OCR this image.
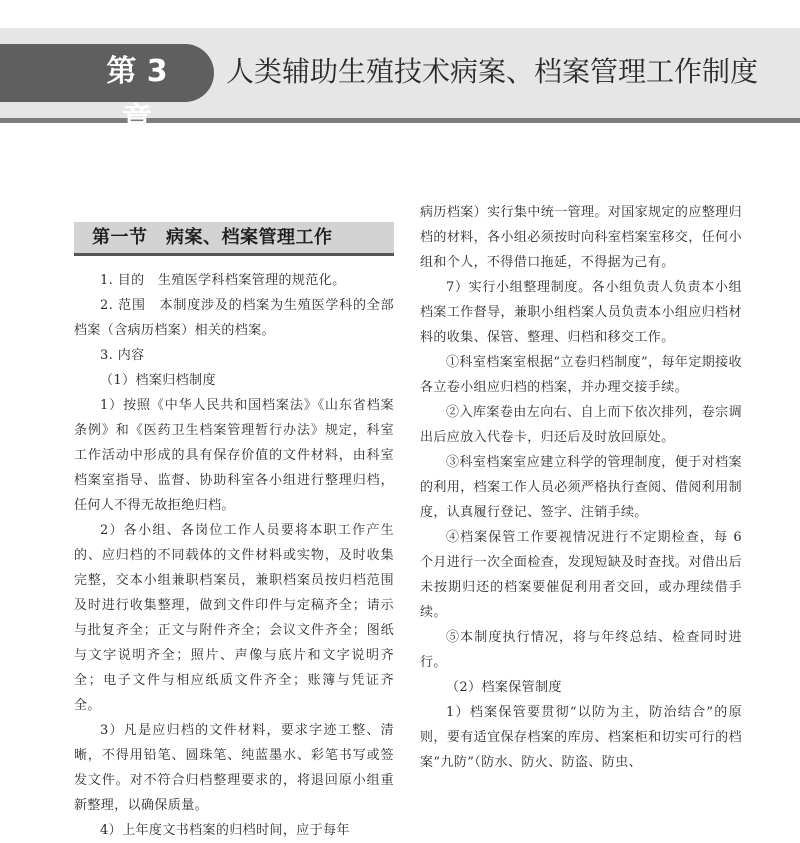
第 3 章
人类辅助生殖技术病案、档案管理工作制度
第一节　病案、档案管理工作

1. 目的　生殖医学科档案管理的规范化。

2. 范围　本制度涉及的档案为生殖医学科的全部档案（含病历档案）相关的档案。

3. 内容

（1）档案归档制度

1）按照《中华人民共和国档案法》《山东省档案条例》和《医药卫生档案管理暂行办法》规定，科室工作活动中形成的具有保存价值的文件材料，由科室档案室指导、监督、协助科室各小组进行整理归档，任何人不得无故拒绝归档。

2）各小组、各岗位工作人员要将本职工作产生的、应归档的不同载体的文件材料或实物，及时收集完整，交本小组兼职档案员，兼职档案员按归档范围及时进行收集整理，做到文件印件与定稿齐全；请示与批复齐全；正文与附件齐全；会议文件齐全；图纸与文字说明齐全；照片、声像与底片和文字说明齐全；电子文件与相应纸质文件齐全；账簿与凭证齐全。

3）凡是应归档的文件材料，要求字迹工整、清晰，不得用铅笔、圆珠笔、纯蓝墨水、彩笔书写或签发文件。对不符合归档整理要求的，将退回原小组重新整理，以确保质量。

4）上年度文书档案的归档时间，应于每年

病历档案）实行集中统一管理。对国家规定的应整理归档的材料，各小组必须按时向科室档案室移交，任何小组和个人，不得借口拖延，不得据为己有。

7）实行小组整理制度。各小组负责人负责本小组档案工作督导，兼职小组档案人员负责本小组应归档材料的收集、保管、整理、归档和移交工作。

①科室档案室根据“立卷归档制度”，每年定期接收各立卷小组应归档的档案，并办理交接手续。

②入库案卷由左向右、自上而下依次排列，卷宗调出后应放入代卷卡，归还后及时放回原处。

③科室档案室应建立科学的管理制度，便于对档案的利用，档案工作人员必须严格执行查阅、借阅利用制度，认真履行登记、签字、注销手续。

④档案保管工作要视情况进行不定期检查，每 6 个月进行一次全面检查，发现短缺及时查找。对借出后未按期归还的档案要催促利用者交回，或办理续借手续。

⑤本制度执行情况，将与年终总结、检查同时进行。

（2）档案保管制度

1）档案保管要贯彻“以防为主，防治结合”的原则，要有适宜保存档案的库房、档案柜和切实可行的档案“九防”（防水、防火、防盗、防虫、
